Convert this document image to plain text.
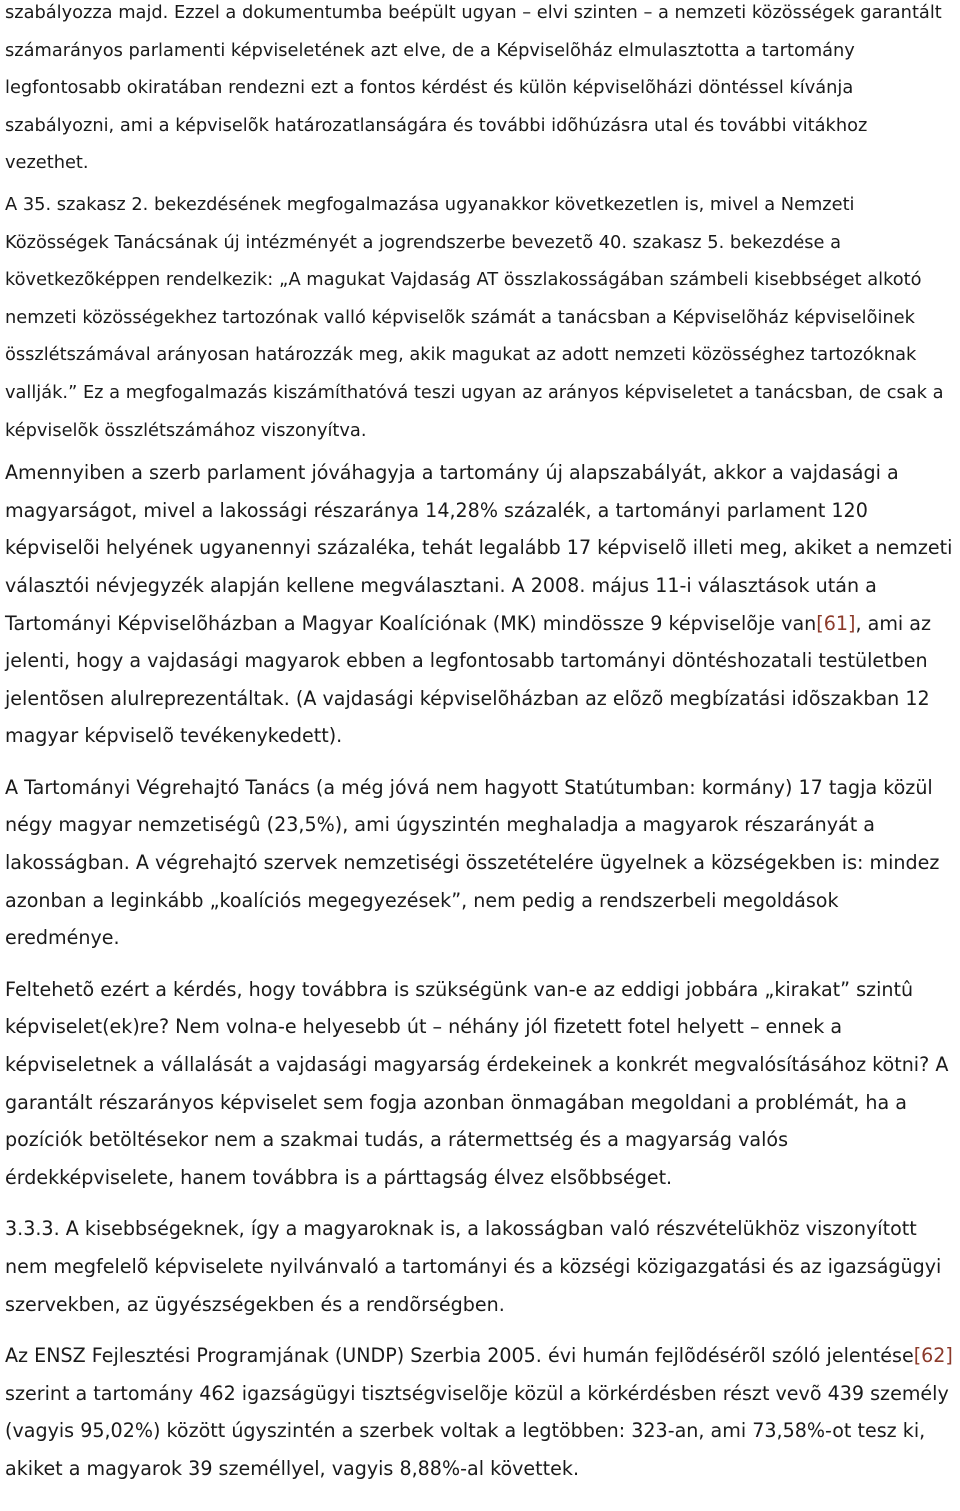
szabályozza majd. Ezzel a dokumentumba beépült ugyan – elvi szinten – a nemzeti közösségek garantált számarányos parlamenti képviseletének azt elve, de a Képviselõház elmulasztotta a tartomány legfontosabb okiratában rendezni ezt a fontos kérdést és külön képviselõházi döntéssel kívánja szabályozni, ami a képviselõk határozatlanságára és további idõhúzásra utal és további vitákhoz vezethet.

A 35. szakasz 2. bekezdésének megfogalmazása ugyanakkor következetlen is, mivel a Nemzeti Közösségek Tanácsának új intézményét a jogrendszerbe bevezetõ 40. szakasz 5. bekezdése a következõképpen rendelkezik: „A magukat Vajdaság AT összlakosságában számbeli kisebbséget alkotó nemzeti közösségekhez tartozónak valló képviselõk számát a tanácsban a Képviselõház képviselõinek összlétszámával arányosan határozzák meg, akik magukat az adott nemzeti közösséghez tartozóknak vallják.” Ez a megfogalmazás kiszámíthatóvá teszi ugyan az arányos képviseletet a tanácsban, de csak a képviselõk összlétszámához viszonyítva.

Amennyiben a szerb parlament jóváhagyja a tartomány új alapszabályát, akkor a vajdasági a magyarságot, mivel a lakossági részaránya 14,28% százalék, a tartományi parlament 120 képviselõi helyének ugyanennyi százaléka, tehát legalább 17 képviselõ illeti meg, akiket a nemzeti választói névjegyzék alapján kellene megválasztani. A 2008. május 11-i választások után a Tartományi Képviselõházban a Magyar Koalíciónak (MK) mindössze 9 képviselõje van[61], ami az jelenti, hogy a vajdasági magyarok ebben a legfontosabb tartományi döntéshozatali testületben jelentõsen alulreprezentáltak. (A vajdasági képviselõházban az elõzõ megbízatási idõszakban 12 magyar képviselõ tevékenykedett).

A Tartományi Végrehajtó Tanács (a még jóvá nem hagyott Statútumban: kormány) 17 tagja közül négy magyar nemzetiségû (23,5%), ami úgyszintén meghaladja a magyarok részarányát a lakosságban. A végrehajtó szervek nemzetiségi összetételére ügyelnek a községekben is: mindez azonban a leginkább „koalíciós megegyezések”, nem pedig a rendszerbeli megoldások eredménye.

Feltehetõ ezért a kérdés, hogy továbbra is szükségünk van-e az eddigi jobbára „kirakat” szintû képviselet(ek)re? Nem volna-e helyesebb út – néhány jól fizetett fotel helyett – ennek a képviseletnek a vállalását a vajdasági magyarság érdekeinek a konkrét megvalósításához kötni? A garantált részarányos képviselet sem fogja azonban önmagában megoldani a problémát, ha a pozíciók betöltésekor nem a szakmai tudás, a rátermettség és a magyarság valós érdekképviselete, hanem továbbra is a párttagság élvez elsõbbséget.

3.3.3. A kisebbségeknek, így a magyaroknak is, a lakosságban való részvételükhöz viszonyított nem megfelelõ képviselete nyilvánvaló a tartományi és a községi közigazgatási és az igazságügyi szervekben, az ügyészségekben és a rendõrségben.

Az ENSZ Fejlesztési Programjának (UNDP) Szerbia 2005. évi humán fejlõdésérõl szóló jelentése[62] szerint a tartomány 462 igazságügyi tisztségviselõje közül a körkérdésben részt vevõ 439 személy (vagyis 95,02%) között úgyszintén a szerbek voltak a legtöbben: 323-an, ami 73,58%-ot tesz ki, akiket a magyarok 39 személlyel, vagyis 8,88%-al követtek.
